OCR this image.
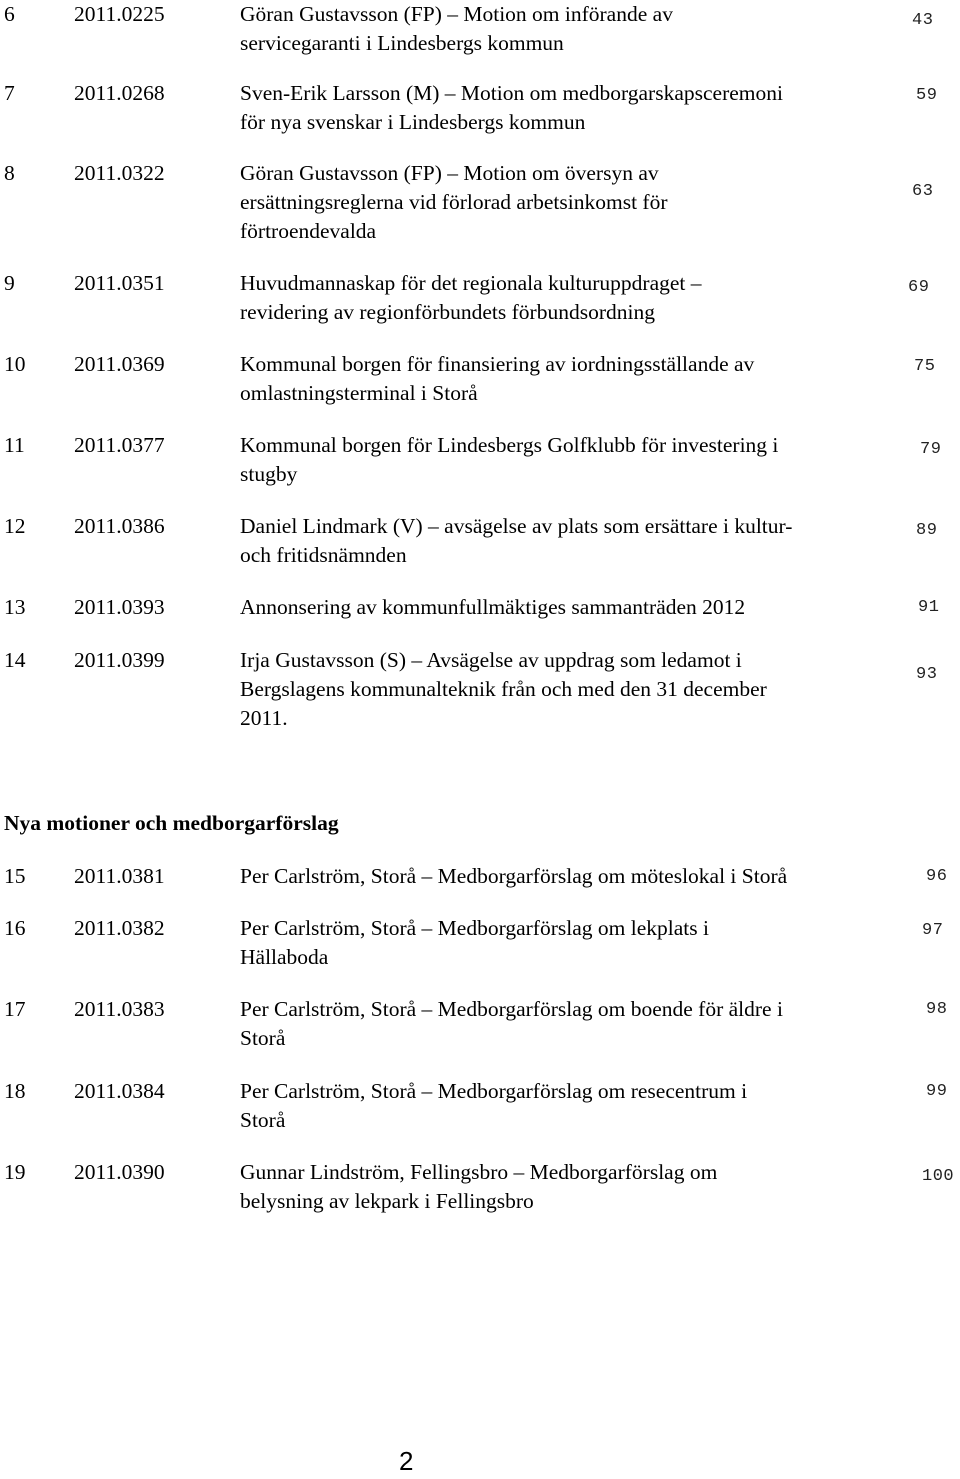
6	2011.0225	Göran Gustavsson (FP) – Motion om införande av
servicegaranti i Lindesbergs kommun
43
7	2011.0268	Sven-Erik Larsson (M) – Motion om medborgarskapsceremoni
för nya svenskar i Lindesbergs kommun
59
8	2011.0322	Göran Gustavsson (FP) – Motion om översyn av
ersättningsreglerna vid förlorad arbetsinkomst för
förtroendevalda
63
9	2011.0351	Huvudmannaskap för det regionala kulturuppdraget –
revidering av regionförbundets förbundsordning
69
10 2011.0369	Kommunal borgen för finansiering av iordningsställande av
omlastningsterminal i Storå
75
11 2011.0377	Kommunal borgen för Lindesbergs Golfklubb för investering i
stugby
79
12 2011.0386	Daniel Lindmark (V) – avsägelse av plats som ersättare i kultur-
och fritidsnämnden
89
13 2011.0393	Annonsering av kommunfullmäktiges sammanträden 2012	91
14 2011.0399	Irja Gustavsson (S) – Avsägelse av uppdrag som ledamot i
Bergslagens kommunalteknik från och med den 31 december
2011.
93

Nya motioner och medborgarförslag

15 2011.0381	Per Carlström, Storå – Medborgarförslag om möteslokal i Storå	96
16 2011.0382	Per Carlström, Storå – Medborgarförslag om lekplats i
Hällaboda
97
17 2011.0383	Per Carlström, Storå – Medborgarförslag om boende för äldre i
Storå
98
18 2011.0384	Per Carlström, Storå – Medborgarförslag om resecentrum i
Storå
99
19 2011.0390	Gunnar Lindström, Fellingsbro – Medborgarförslag om
belysning av lekpark i Fellingsbro
100

2
